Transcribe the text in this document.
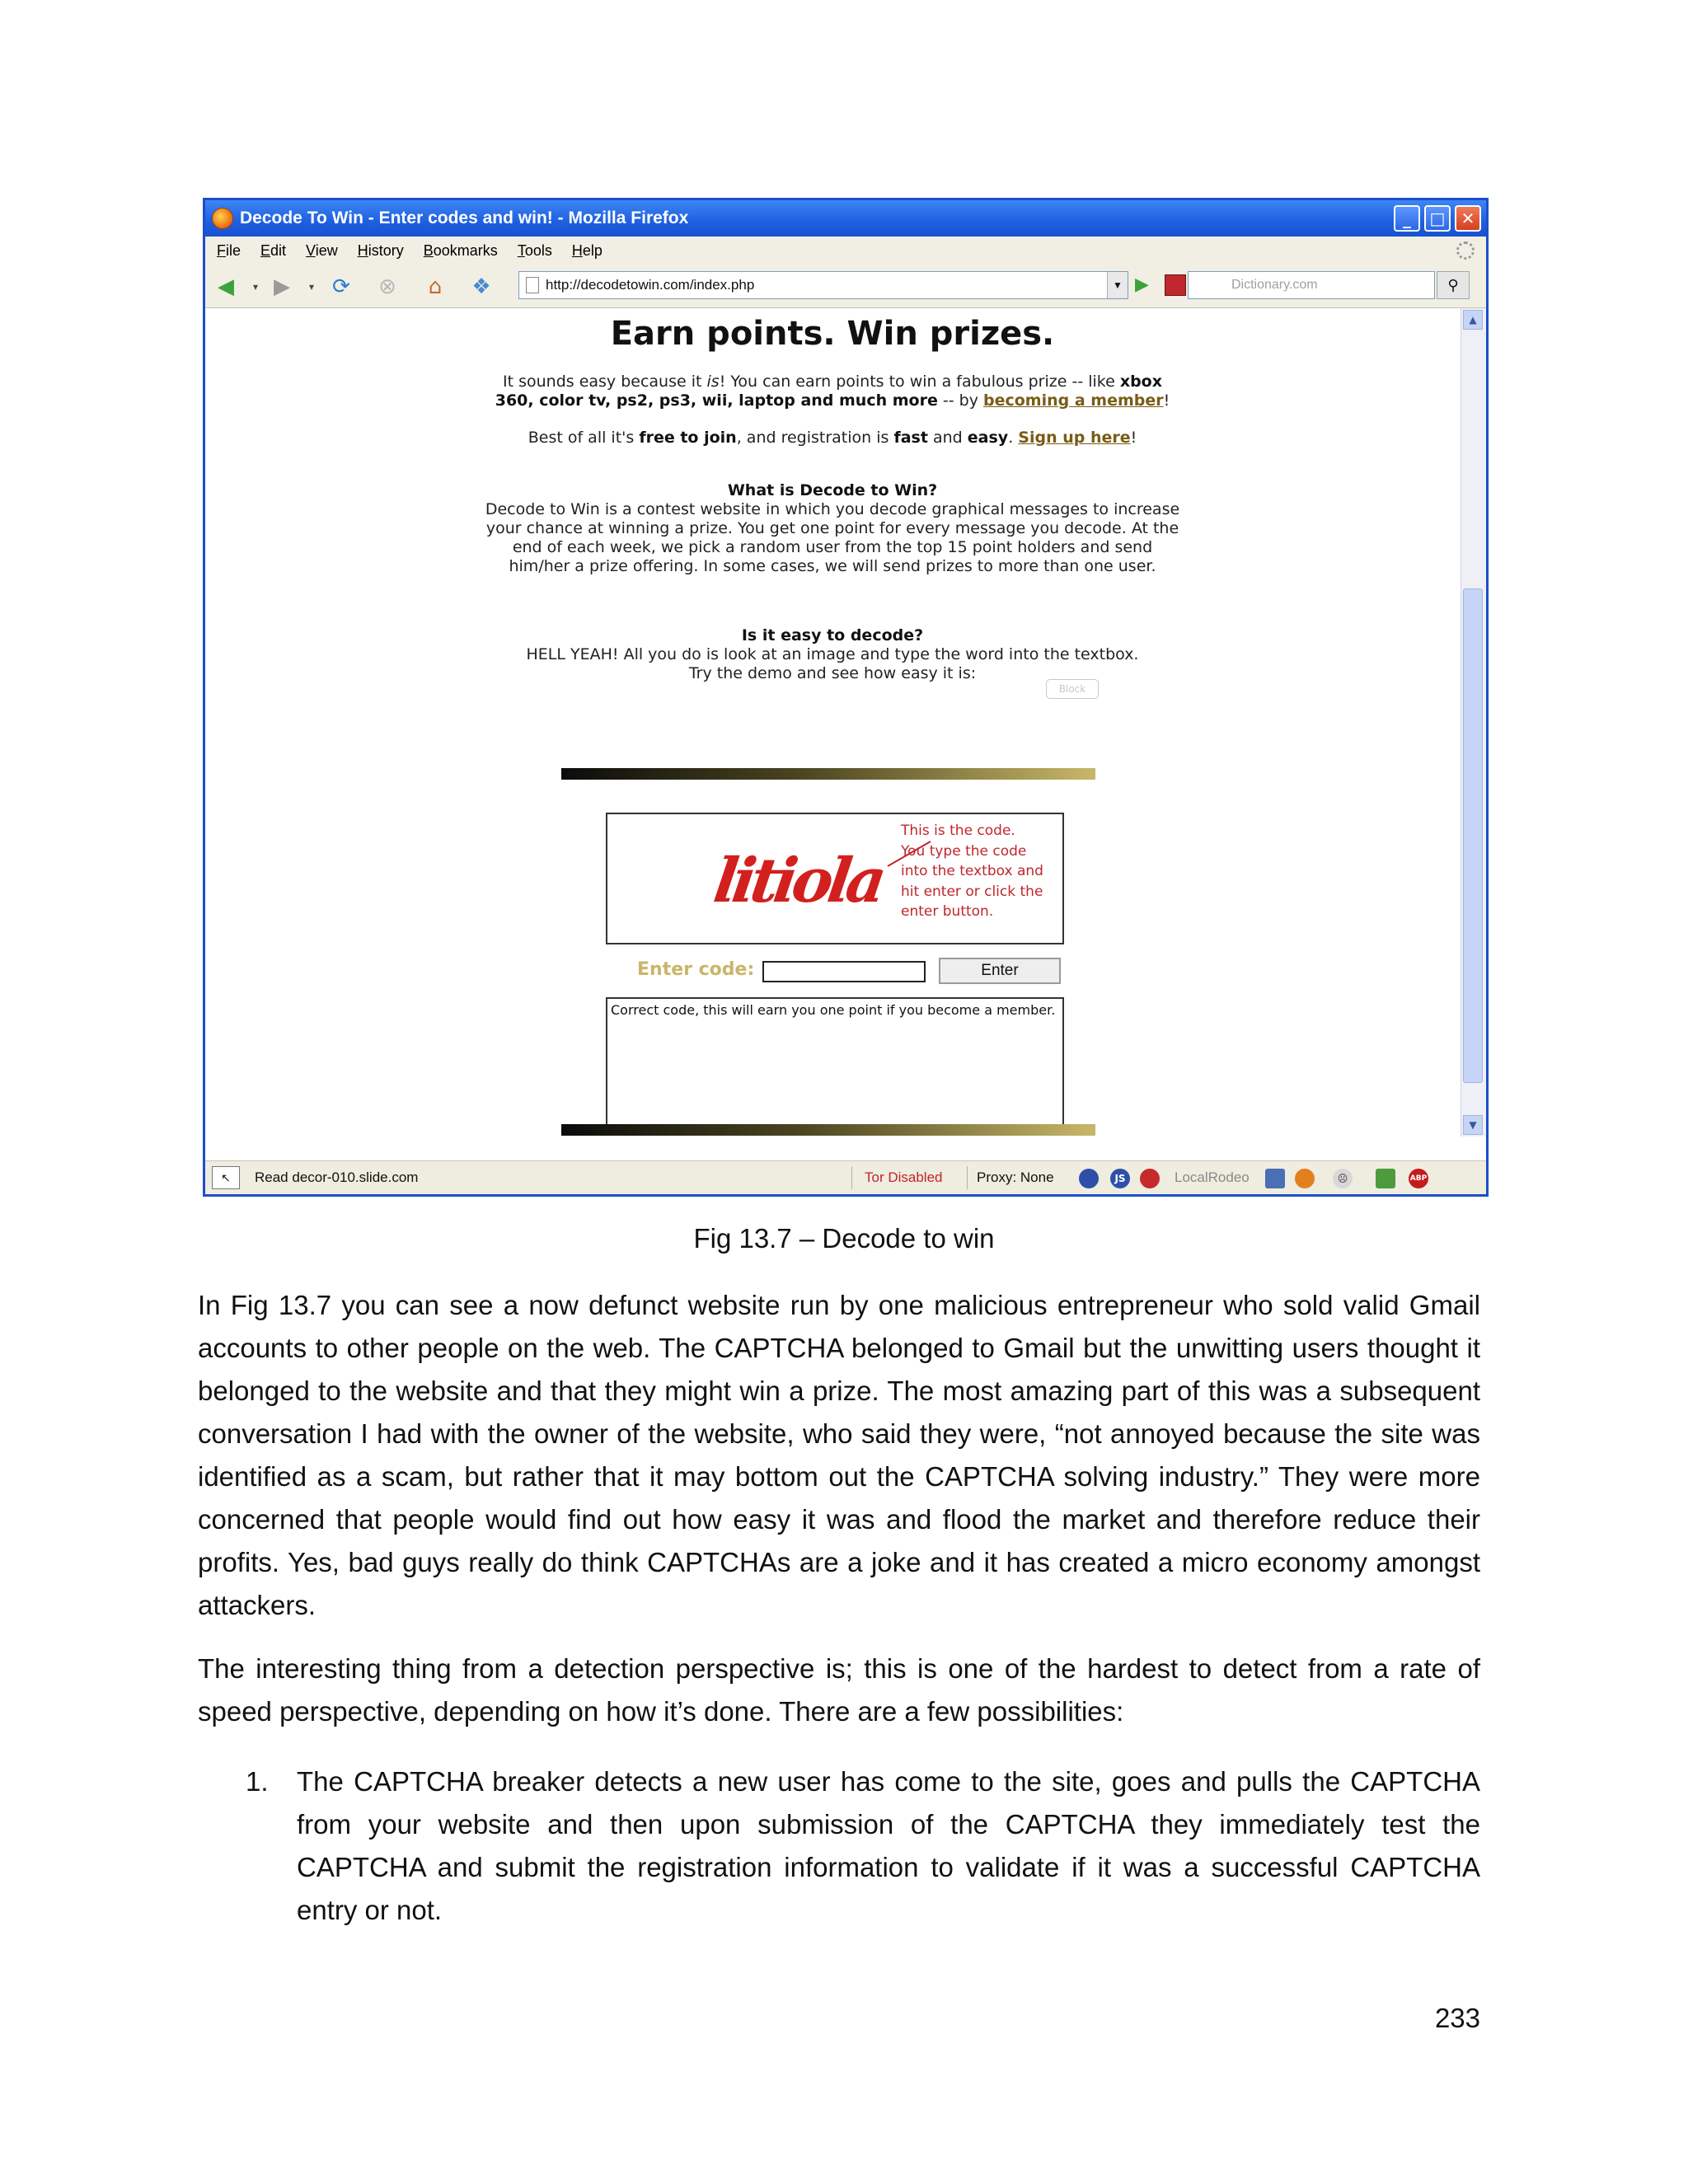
Decode To Win - Enter codes and win! - Mozilla Firefox	_	□ ✕
File Edit View History Bookmarks Tools Help
◀	▾ ▶	▾ ⟳ ⊗	⌂	❖	http://decodetowin.com/index.php	▼ ▶	Dictionary.com	⚲
Earn points. Win prizes.

It sounds easy because it is! You can earn points to win a fabulous prize -- like xbox

360, color tv, ps2, ps3, wii, laptop and much more -- by becoming a member!

Best of all it's free to join, and registration is fast and easy. Sign up here!

What is Decode to Win?

Decode to Win is a contest website in which you decode graphical messages to increase

your chance at winning a prize. You get one point for every message you decode. At the

end of each week, we pick a random user from the top 15 point holders and send

him/her a prize offering. In some cases, we will send prizes to more than one user.

Is it easy to decode?

HELL YEAH! All you do is look at an image and type the word into the textbox.

Try the demo and see how easy it is:

Block
litiola
This is the code.
You type the code
into the textbox and
hit enter or click the
enter button.
Enter code:	Enter
Correct code, this will earn you one point if you become a member.
▲
▼
↖	Read decor-010.slide.com	Tor Disabled Proxy: None	JS	LocalRodeo	☹	ABP
Fig 13.7 – Decode to win

In Fig 13.7 you can see a now defunct website run by one malicious entrepreneur who sold valid Gmail accounts to other people on the web. The CAPTCHA belonged to Gmail but the unwitting users thought it belonged to the website and that they might win a prize. The most amazing part of this was a subsequent conversation I had with the owner of the website, who said they were, “not annoyed because the site was identified as a scam, but rather that it may bottom out the CAPTCHA solving industry.” They were more concerned that people would find out how easy it was and flood the market and therefore reduce their profits. Yes, bad guys really do think CAPTCHAs are a joke and it has created a micro economy amongst attackers.

The interesting thing from a detection perspective is; this is one of the hardest to detect from a rate of speed perspective, depending on how it’s done. There are a few possibilities:

1. The CAPTCHA breaker detects a new user has come to the site, goes and pulls the CAPTCHA from your website and then upon submission of the CAPTCHA they immediately test the CAPTCHA and submit the registration information to validate if it was a successful CAPTCHA entry or not.

233
